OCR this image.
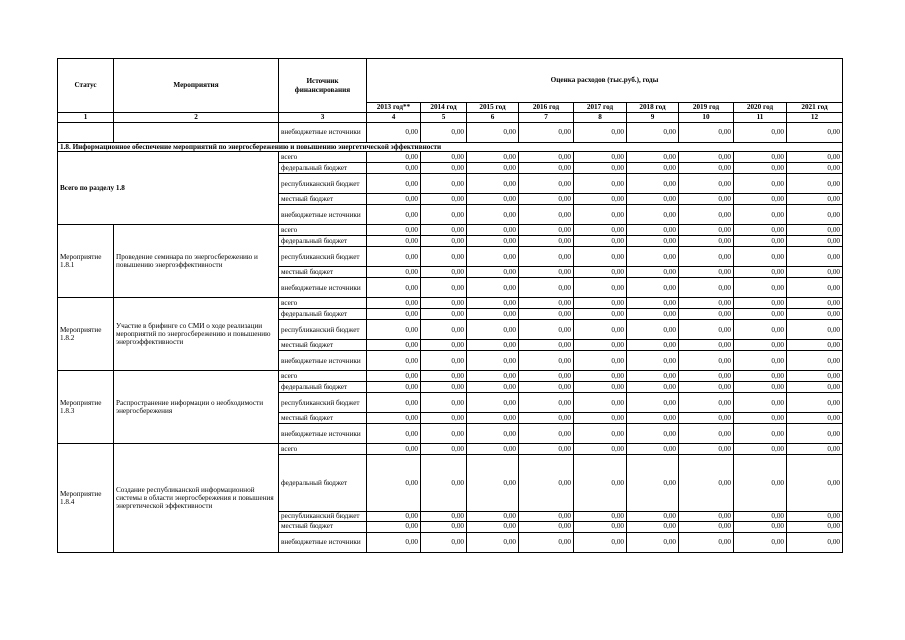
Статус	Мероприятия	Источник финансирования	Оценка расходов (тыс.руб.), годы								
			2013 год**	2014 год	2015 год	2016 год	2017 год	2018 год	2019 год	2020 год	2021 год
1	2	3	4	5	6	7	8	9	10	11	12
		внебюджетные источники	0,00	0,00	0,00	0,00	0,00	0,00	0,00	0,00	0,00
1.8. Информационное обеспечение мероприятий по энергосбережению и повышению энергетической эффективности											
Всего по разделу 1.8		всего	0,00	0,00	0,00	0,00	0,00	0,00	0,00	0,00	0,00
		федеральный бюджет	0,00	0,00	0,00	0,00	0,00	0,00	0,00	0,00	0,00
		республиканский бюджет	0,00	0,00	0,00	0,00	0,00	0,00	0,00	0,00	0,00
		местный бюджет	0,00	0,00	0,00	0,00	0,00	0,00	0,00	0,00	0,00
		внебюджетные источники	0,00	0,00	0,00	0,00	0,00	0,00	0,00	0,00	0,00
Мероприятие 1.8.1	Проведение семинара по энергосбережению и повышению энергоэффективности	всего	0,00	0,00	0,00	0,00	0,00	0,00	0,00	0,00	0,00
		федеральный бюджет	0,00	0,00	0,00	0,00	0,00	0,00	0,00	0,00	0,00
		республиканский бюджет	0,00	0,00	0,00	0,00	0,00	0,00	0,00	0,00	0,00
		местный бюджет	0,00	0,00	0,00	0,00	0,00	0,00	0,00	0,00	0,00
		внебюджетные источники	0,00	0,00	0,00	0,00	0,00	0,00	0,00	0,00	0,00
Мероприятие 1.8.2	Участие в брифинге со СМИ о ходе реализации мероприятий по энергосбережению и повышению энергоэффективности	всего	0,00	0,00	0,00	0,00	0,00	0,00	0,00	0,00	0,00
		федеральный бюджет	0,00	0,00	0,00	0,00	0,00	0,00	0,00	0,00	0,00
		республиканский бюджет	0,00	0,00	0,00	0,00	0,00	0,00	0,00	0,00	0,00
		местный бюджет	0,00	0,00	0,00	0,00	0,00	0,00	0,00	0,00	0,00
		внебюджетные источники	0,00	0,00	0,00	0,00	0,00	0,00	0,00	0,00	0,00
Мероприятие 1.8.3	Распространение информации о необходимости энергосбережения	всего	0,00	0,00	0,00	0,00	0,00	0,00	0,00	0,00	0,00
		федеральный бюджет	0,00	0,00	0,00	0,00	0,00	0,00	0,00	0,00	0,00
		республиканский бюджет	0,00	0,00	0,00	0,00	0,00	0,00	0,00	0,00	0,00
		местный бюджет	0,00	0,00	0,00	0,00	0,00	0,00	0,00	0,00	0,00
		внебюджетные источники	0,00	0,00	0,00	0,00	0,00	0,00	0,00	0,00	0,00
Мероприятие 1.8.4	Создание республиканской информационной системы в области энергосбережения и повышения энергетической эффективности	всего	0,00	0,00	0,00	0,00	0,00	0,00	0,00	0,00	0,00
		федеральный бюджет	0,00	0,00	0,00	0,00	0,00	0,00	0,00	0,00	0,00
		республиканский бюджет	0,00	0,00	0,00	0,00	0,00	0,00	0,00	0,00	0,00
		местный бюджет	0,00	0,00	0,00	0,00	0,00	0,00	0,00	0,00	0,00
		внебюджетные источники	0,00	0,00	0,00	0,00	0,00	0,00	0,00	0,00	0,00
